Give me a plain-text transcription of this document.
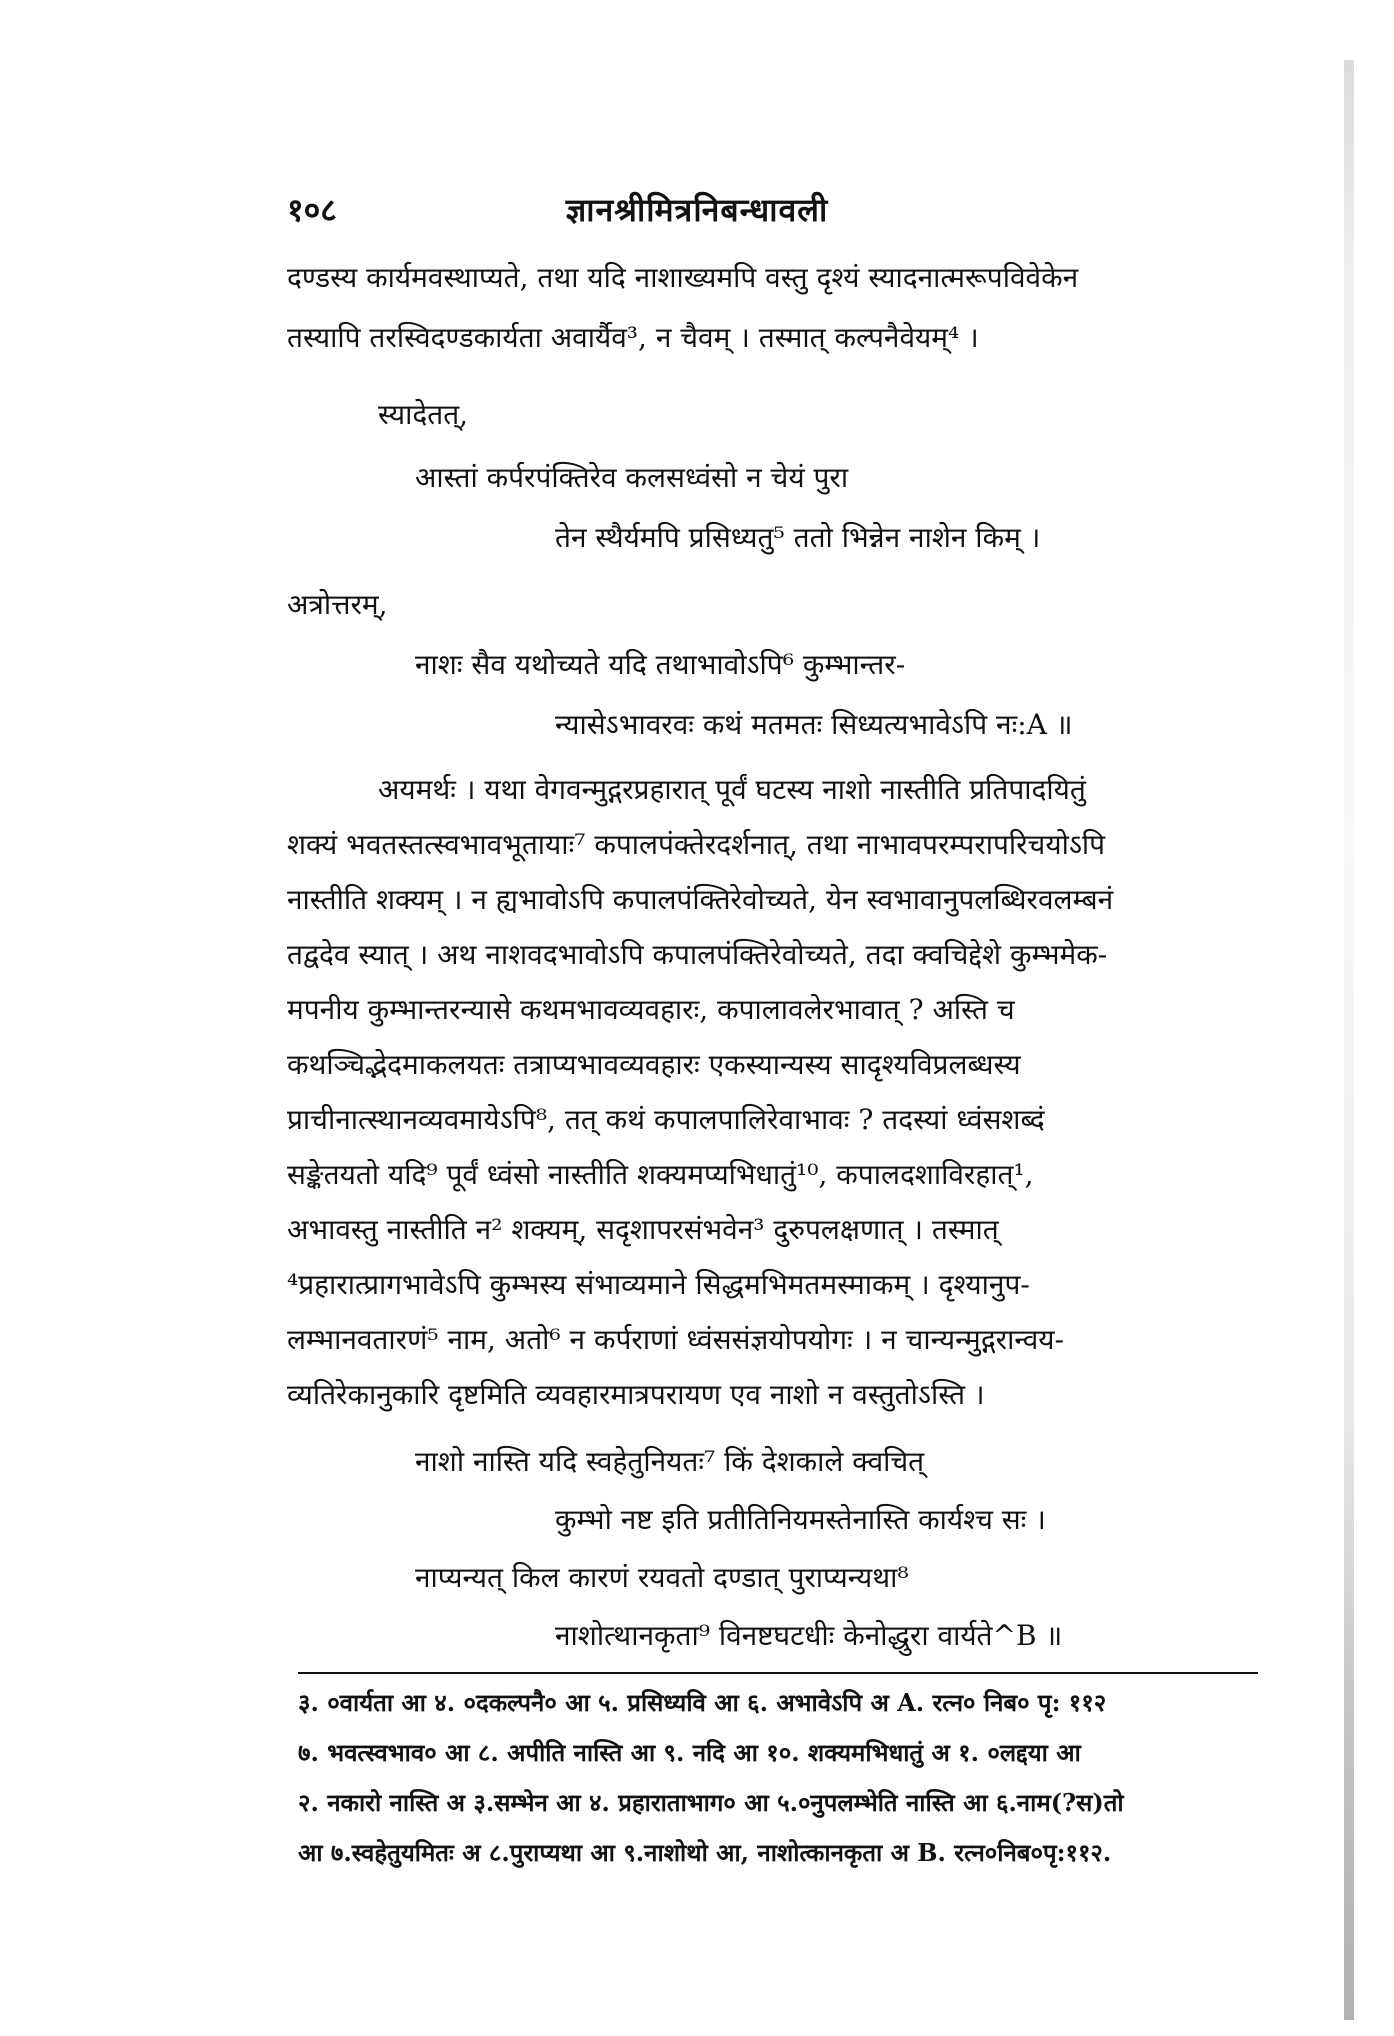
१०८	ज्ञानश्रीमित्रनिबन्धावली
दण्डस्य कार्यमवस्थाप्यते, तथा यदि नाशाख्यमपि वस्तु दृश्यं स्यादनात्मरूपविवेकेन
तस्यापि तरस्विदण्डकार्यता अवार्यैव³, न चैवम् । तस्मात् कल्पनैवेयम्⁴ ।
स्यादेतत्,
आस्तां कर्परपंक्तिरेव कलसध्वंसो न चेयं पुरा
तेन स्थैर्यमपि प्रसिध्यतु⁵ ततो भिन्नेन नाशेन किम् ।
अत्रोत्तरम्,
नाशः सैव यथोच्यते यदि तथाभावोऽपि⁶ कुम्भान्तर-
न्यासेऽभावरवः कथं मतमतः सिध्यत्यभावेऽपि नः:A ॥
अयमर्थः । यथा वेगवन्मुद्गरप्रहारात् पूर्वं घटस्य नाशो नास्तीति प्रतिपादयितुं
शक्यं भवतस्तत्स्वभावभूतायाः⁷ कपालपंक्तेरदर्शनात्, तथा नाभावपरम्परापरिचयोऽपि
नास्तीति शक्यम् । न ह्यभावोऽपि कपालपंक्तिरेवोच्यते, येन स्वभावानुपलब्धिरवलम्बनं
तद्वदेव स्यात् । अथ नाशवदभावोऽपि कपालपंक्तिरेवोच्यते, तदा क्वचिद्देशे कुम्भमेक-
मपनीय कुम्भान्तरन्यासे कथमभावव्यवहारः, कपालावलेरभावात् ? अस्ति च
कथञ्चिद्भेदमाकलयतः तत्राप्यभावव्यवहारः एकस्यान्यस्य सादृश्यविप्रलब्धस्य
प्राचीनात्स्थानव्यवमायेऽपि⁸, तत् कथं कपालपालिरेवाभावः ? तदस्यां ध्वंसशब्दं
सङ्केतयतो यदि⁹ पूर्वं ध्वंसो नास्तीति शक्यमप्यभिधातुं¹⁰, कपालदशाविरहात्¹,
अभावस्तु नास्तीति न² शक्यम्, सदृशापरसंभवेन³ दुरुपलक्षणात् । तस्मात्
⁴प्रहारात्प्रागभावेऽपि कुम्भस्य संभाव्यमाने सिद्धमभिमतमस्माकम् । दृश्यानुप-
लम्भानवतारणं⁵ नाम, अतो⁶ न कर्पराणां ध्वंससंज्ञयोपयोगः । न चान्यन्मुद्गरान्वय-
व्यतिरेकानुकारि दृष्टमिति व्यवहारमात्रपरायण एव नाशो न वस्तुतोऽस्ति ।
नाशो नास्ति यदि स्वहेतुनियतः⁷ किं देशकाले क्वचित्
कुम्भो नष्ट इति प्रतीतिनियमस्तेनास्ति कार्यश्च सः ।
नाप्यन्यत् किल कारणं रयवतो दण्डात् पुराप्यन्यथा⁸
नाशोत्थानकृता⁹ विनष्टघटधीः केनोद्धुरा वार्यते^B ॥
३. ०वार्यता आ ४. ०दकल्पनै० आ ५. प्रसिध्यवि आ ६. अभावेऽपि अ A. रत्न० निब० पृ: ११२
७. भवत्स्वभाव० आ ८. अपीति नास्ति आ ९. नदि आ १०. शक्यमभिधातुं अ १. ०लद्दया आ
२. नकारो नास्ति अ ३.सम्भेन आ ४. प्रहाराताभाग० आ ५.०नुपलम्भेति नास्ति आ ६.नाम(?स)तो
आ ७.स्वहेतुयमितः अ ८.पुराप्यथा आ ९.नाशोथो आ, नाशोत्कानकृता अ B. रत्न०निब०पृ:११२.
